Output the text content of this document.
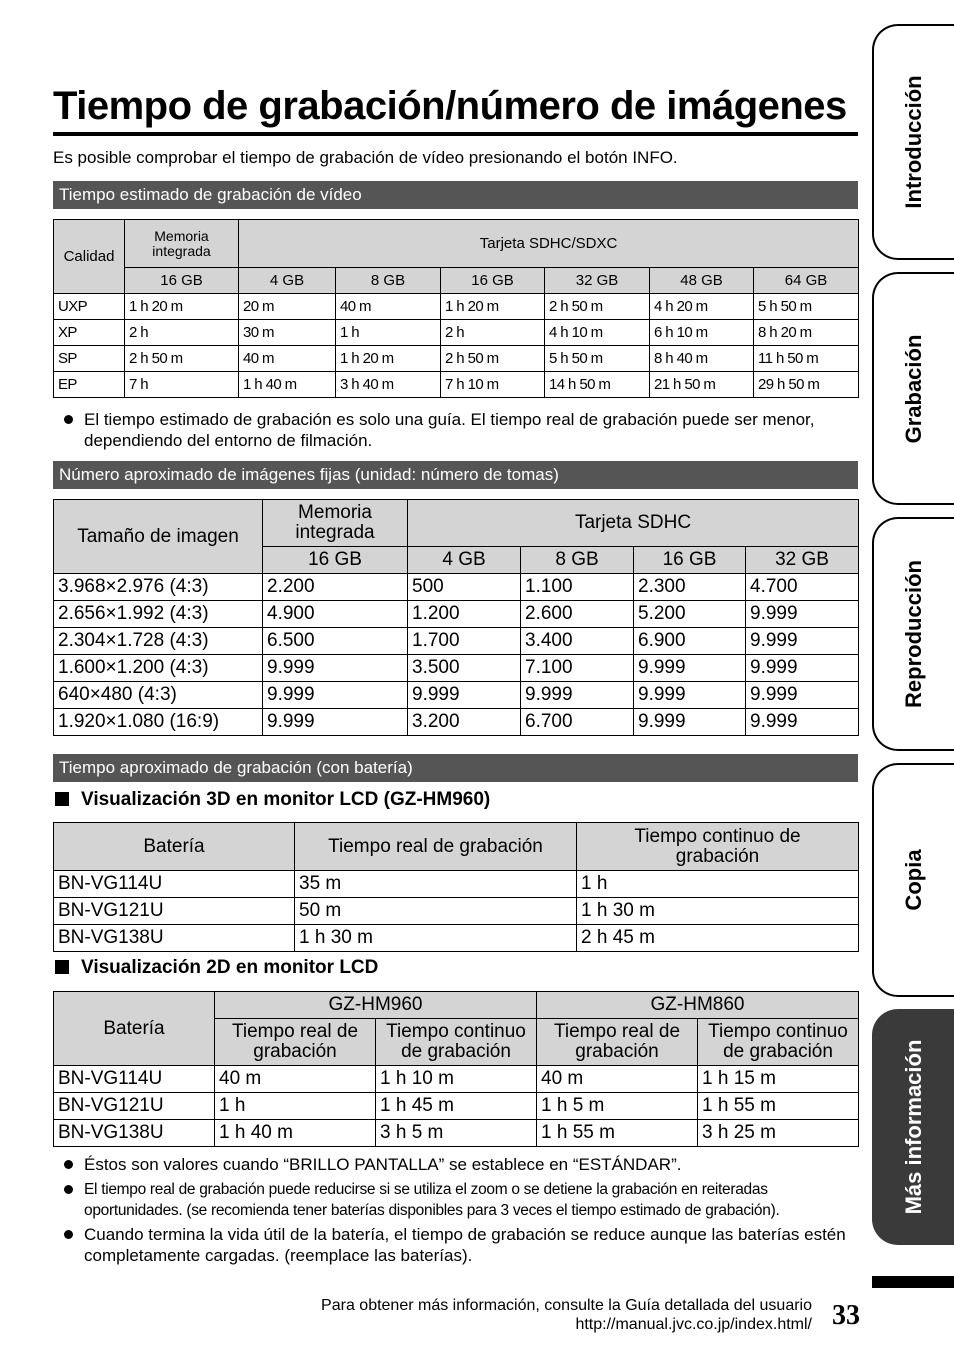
Tiempo de grabación/número de imágenes
Es posible comprobar el tiempo de grabación de vídeo presionando el botón INFO.
Tiempo estimado de grabación de vídeo
Calidad	Memoria integrada	Tarjeta SDHC/SDXC					
	16 GB	4 GB	8 GB	16 GB	32 GB	48 GB	64 GB
UXP	1 h 20 m	20 m	40 m	1 h 20 m	2 h 50 m	4 h 20 m	5 h 50 m
XP	2 h	30 m	1 h	2 h	4 h 10 m	6 h 10 m	8 h 20 m
SP	2 h 50 m	40 m	1 h 20 m	2 h 50 m	5 h 50 m	8 h 40 m	11 h 50 m
EP	7 h	1 h 40 m	3 h 40 m	7 h 10 m	14 h 50 m	21 h 50 m	29 h 50 m
El tiempo estimado de grabación es solo una guía. El tiempo real de grabación puede ser menor, dependiendo del entorno de filmación.
Número aproximado de imágenes fijas (unidad: número de tomas)
Tamaño de imagen	Memoria integrada	Tarjeta SDHC			
	16 GB	4 GB	8 GB	16 GB	32 GB
3.968×2.976 (4:3)	2.200	500	1.100	2.300	4.700
2.656×1.992 (4:3)	4.900	1.200	2.600	5.200	9.999
2.304×1.728 (4:3)	6.500	1.700	3.400	6.900	9.999
1.600×1.200 (4:3)	9.999	3.500	7.100	9.999	9.999
640×480 (4:3)	9.999	9.999	9.999	9.999	9.999
1.920×1.080 (16:9)	9.999	3.200	6.700	9.999	9.999
Tiempo aproximado de grabación (con batería)
Visualización 3D en monitor LCD (GZ-HM960)
Batería	Tiempo real de grabación	Tiempo continuo de grabación
BN-VG114U	35 m	1 h
BN-VG121U	50 m	1 h 30 m
BN-VG138U	1 h 30 m	2 h 45 m
Visualización 2D en monitor LCD
Batería	GZ-HM960		GZ-HM860	
	Tiempo real de grabación	Tiempo continuo de grabación	Tiempo real de grabación	Tiempo continuo de grabación
BN-VG114U	40 m	1 h 10 m	40 m	1 h 15 m
BN-VG121U	1 h	1 h 45 m	1 h 5 m	1 h 55 m
BN-VG138U	1 h 40 m	3 h 5 m	1 h 55 m	3 h 25 m
Éstos son valores cuando “BRILLO PANTALLA” se establece en “ESTÁNDAR”.
El tiempo real de grabación puede reducirse si se utiliza el zoom o se detiene la grabación en reiteradas oportunidades. (se recomienda tener baterías disponibles para 3 veces el tiempo estimado de grabación).
Cuando termina la vida útil de la batería, el tiempo de grabación se reduce aunque las baterías estén completamente cargadas. (reemplace las baterías).
Para obtener más información, consulte la Guía detallada del usuario
http://manual.jvc.co.jp/index.html/ 33
Introducción
Grabación
Reproducción
Copia
Más información
